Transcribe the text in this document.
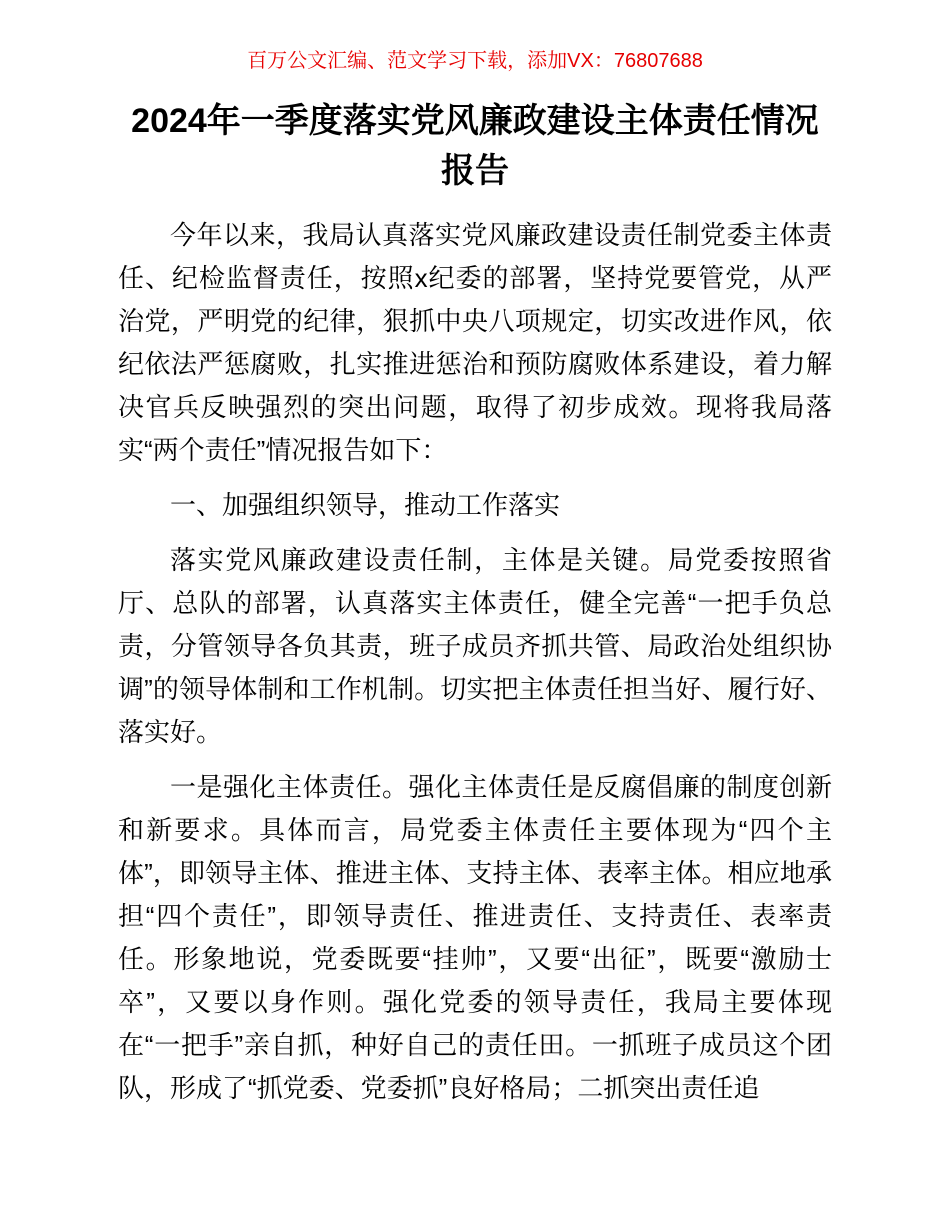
百万公文汇编、范文学习下载，添加VX：76807688
2024年一季度落实党风廉政建设主体责任情况报告

今年以来，我局认真落实党风廉政建设责任制党委主体责任、纪检监督责任，按照x纪委的部署，坚持党要管党，从严治党，严明党的纪律，狠抓中央八项规定，切实改进作风，依纪依法严惩腐败，扎实推进惩治和预防腐败体系建设，着力解决官兵反映强烈的突出问题，取得了初步成效。现将我局落实“两个责任”情况报告如下：

一、加强组织领导，推动工作落实

落实党风廉政建设责任制，主体是关键。局党委按照省厅、总队的部署，认真落实主体责任，健全完善“一把手负总责，分管领导各负其责，班子成员齐抓共管、局政治处组织协调”的领导体制和工作机制。切实把主体责任担当好、履行好、落实好。

一是强化主体责任。强化主体责任是反腐倡廉的制度创新和新要求。具体而言，局党委主体责任主要体现为“四个主体”，即领导主体、推进主体、支持主体、表率主体。相应地承担“四个责任”，即领导责任、推进责任、支持责任、表率责任。形象地说，党委既要“挂帅”，又要“出征”，既要“激励士卒”，又要以身作则。强化党委的领导责任，我局主要体现在“一把手”亲自抓，种好自己的责任田。一抓班子成员这个团队，形成了“抓党委、党委抓”良好格局；二抓突出责任追
